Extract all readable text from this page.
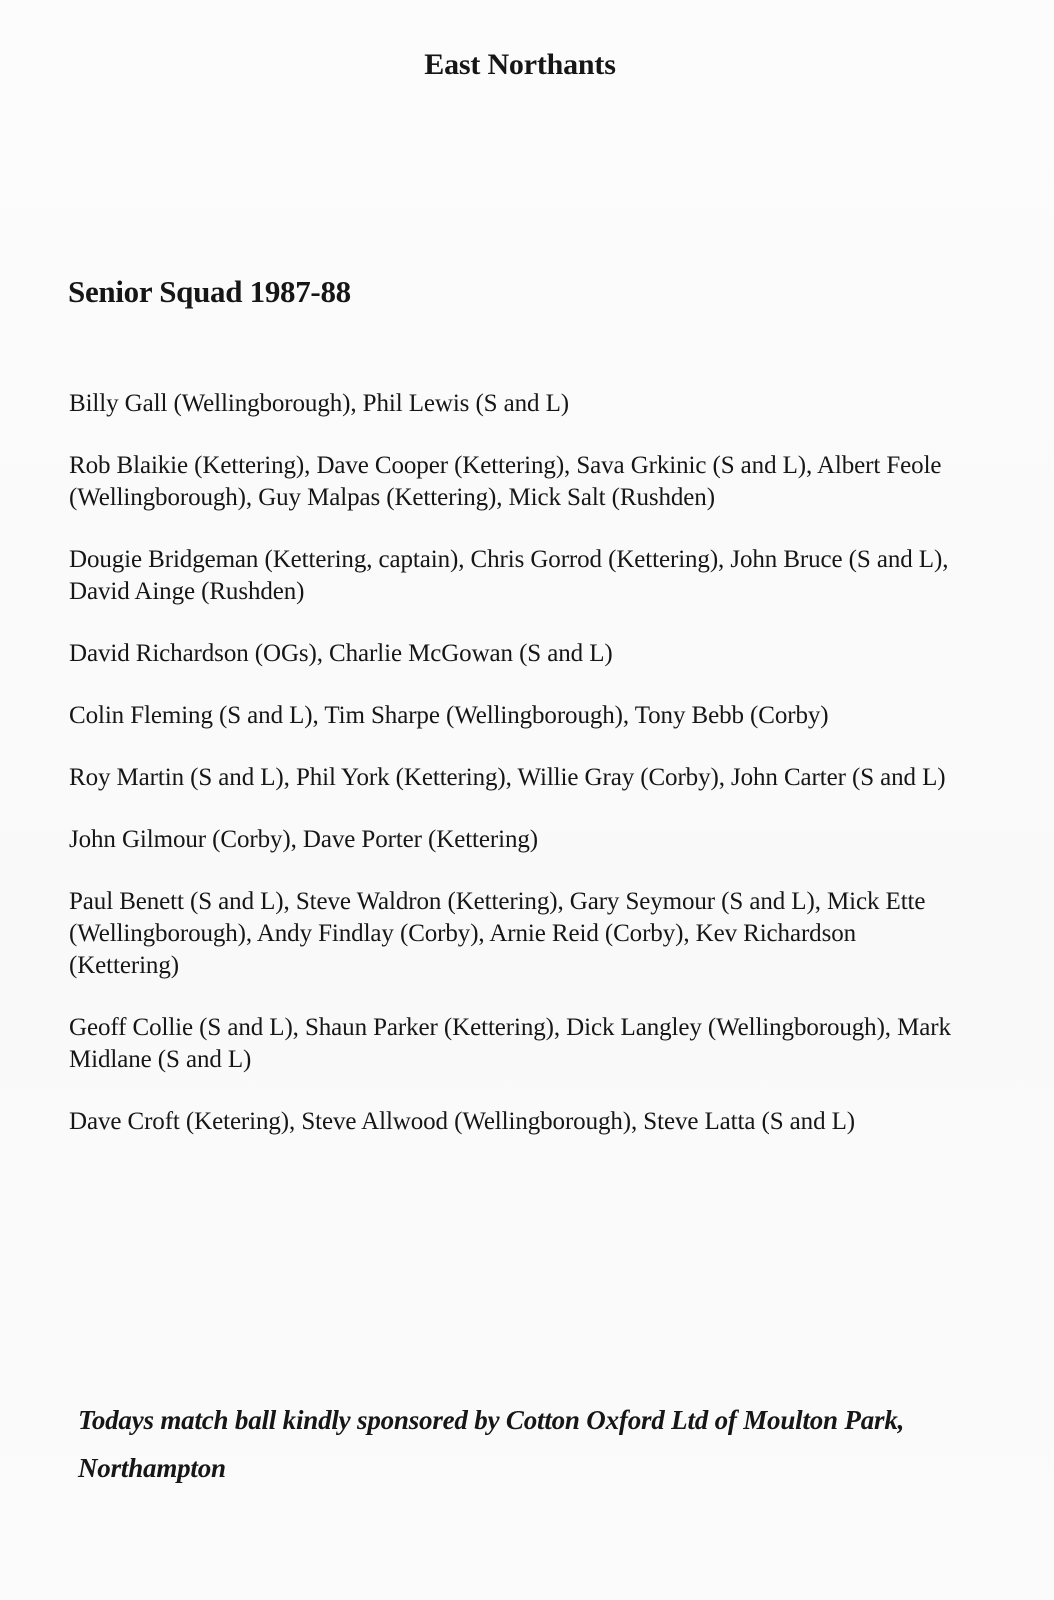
East Northants
Senior Squad 1987-88
Billy Gall (Wellingborough), Phil Lewis (S and L)
Rob Blaikie (Kettering), Dave Cooper (Kettering), Sava Grkinic (S and L), Albert Feole (Wellingborough), Guy Malpas (Kettering), Mick Salt (Rushden)
Dougie Bridgeman (Kettering, captain), Chris Gorrod (Kettering), John Bruce (S and L), David Ainge (Rushden)
David Richardson (OGs), Charlie McGowan (S and L)
Colin Fleming (S and L), Tim Sharpe (Wellingborough), Tony Bebb (Corby)
Roy Martin (S and L), Phil York (Kettering), Willie Gray (Corby), John Carter (S and L)
John Gilmour (Corby), Dave Porter (Kettering)
Paul Benett (S and L), Steve Waldron (Kettering), Gary Seymour (S and L), Mick Ette (Wellingborough), Andy Findlay (Corby), Arnie Reid (Corby), Kev Richardson (Kettering)
Geoff Collie (S and L), Shaun Parker (Kettering), Dick Langley (Wellingborough), Mark Midlane (S and L)
Dave Croft (Ketering), Steve Allwood (Wellingborough), Steve Latta (S and L)

Todays match ball kindly sponsored by Cotton Oxford Ltd of Moulton Park, Northampton
